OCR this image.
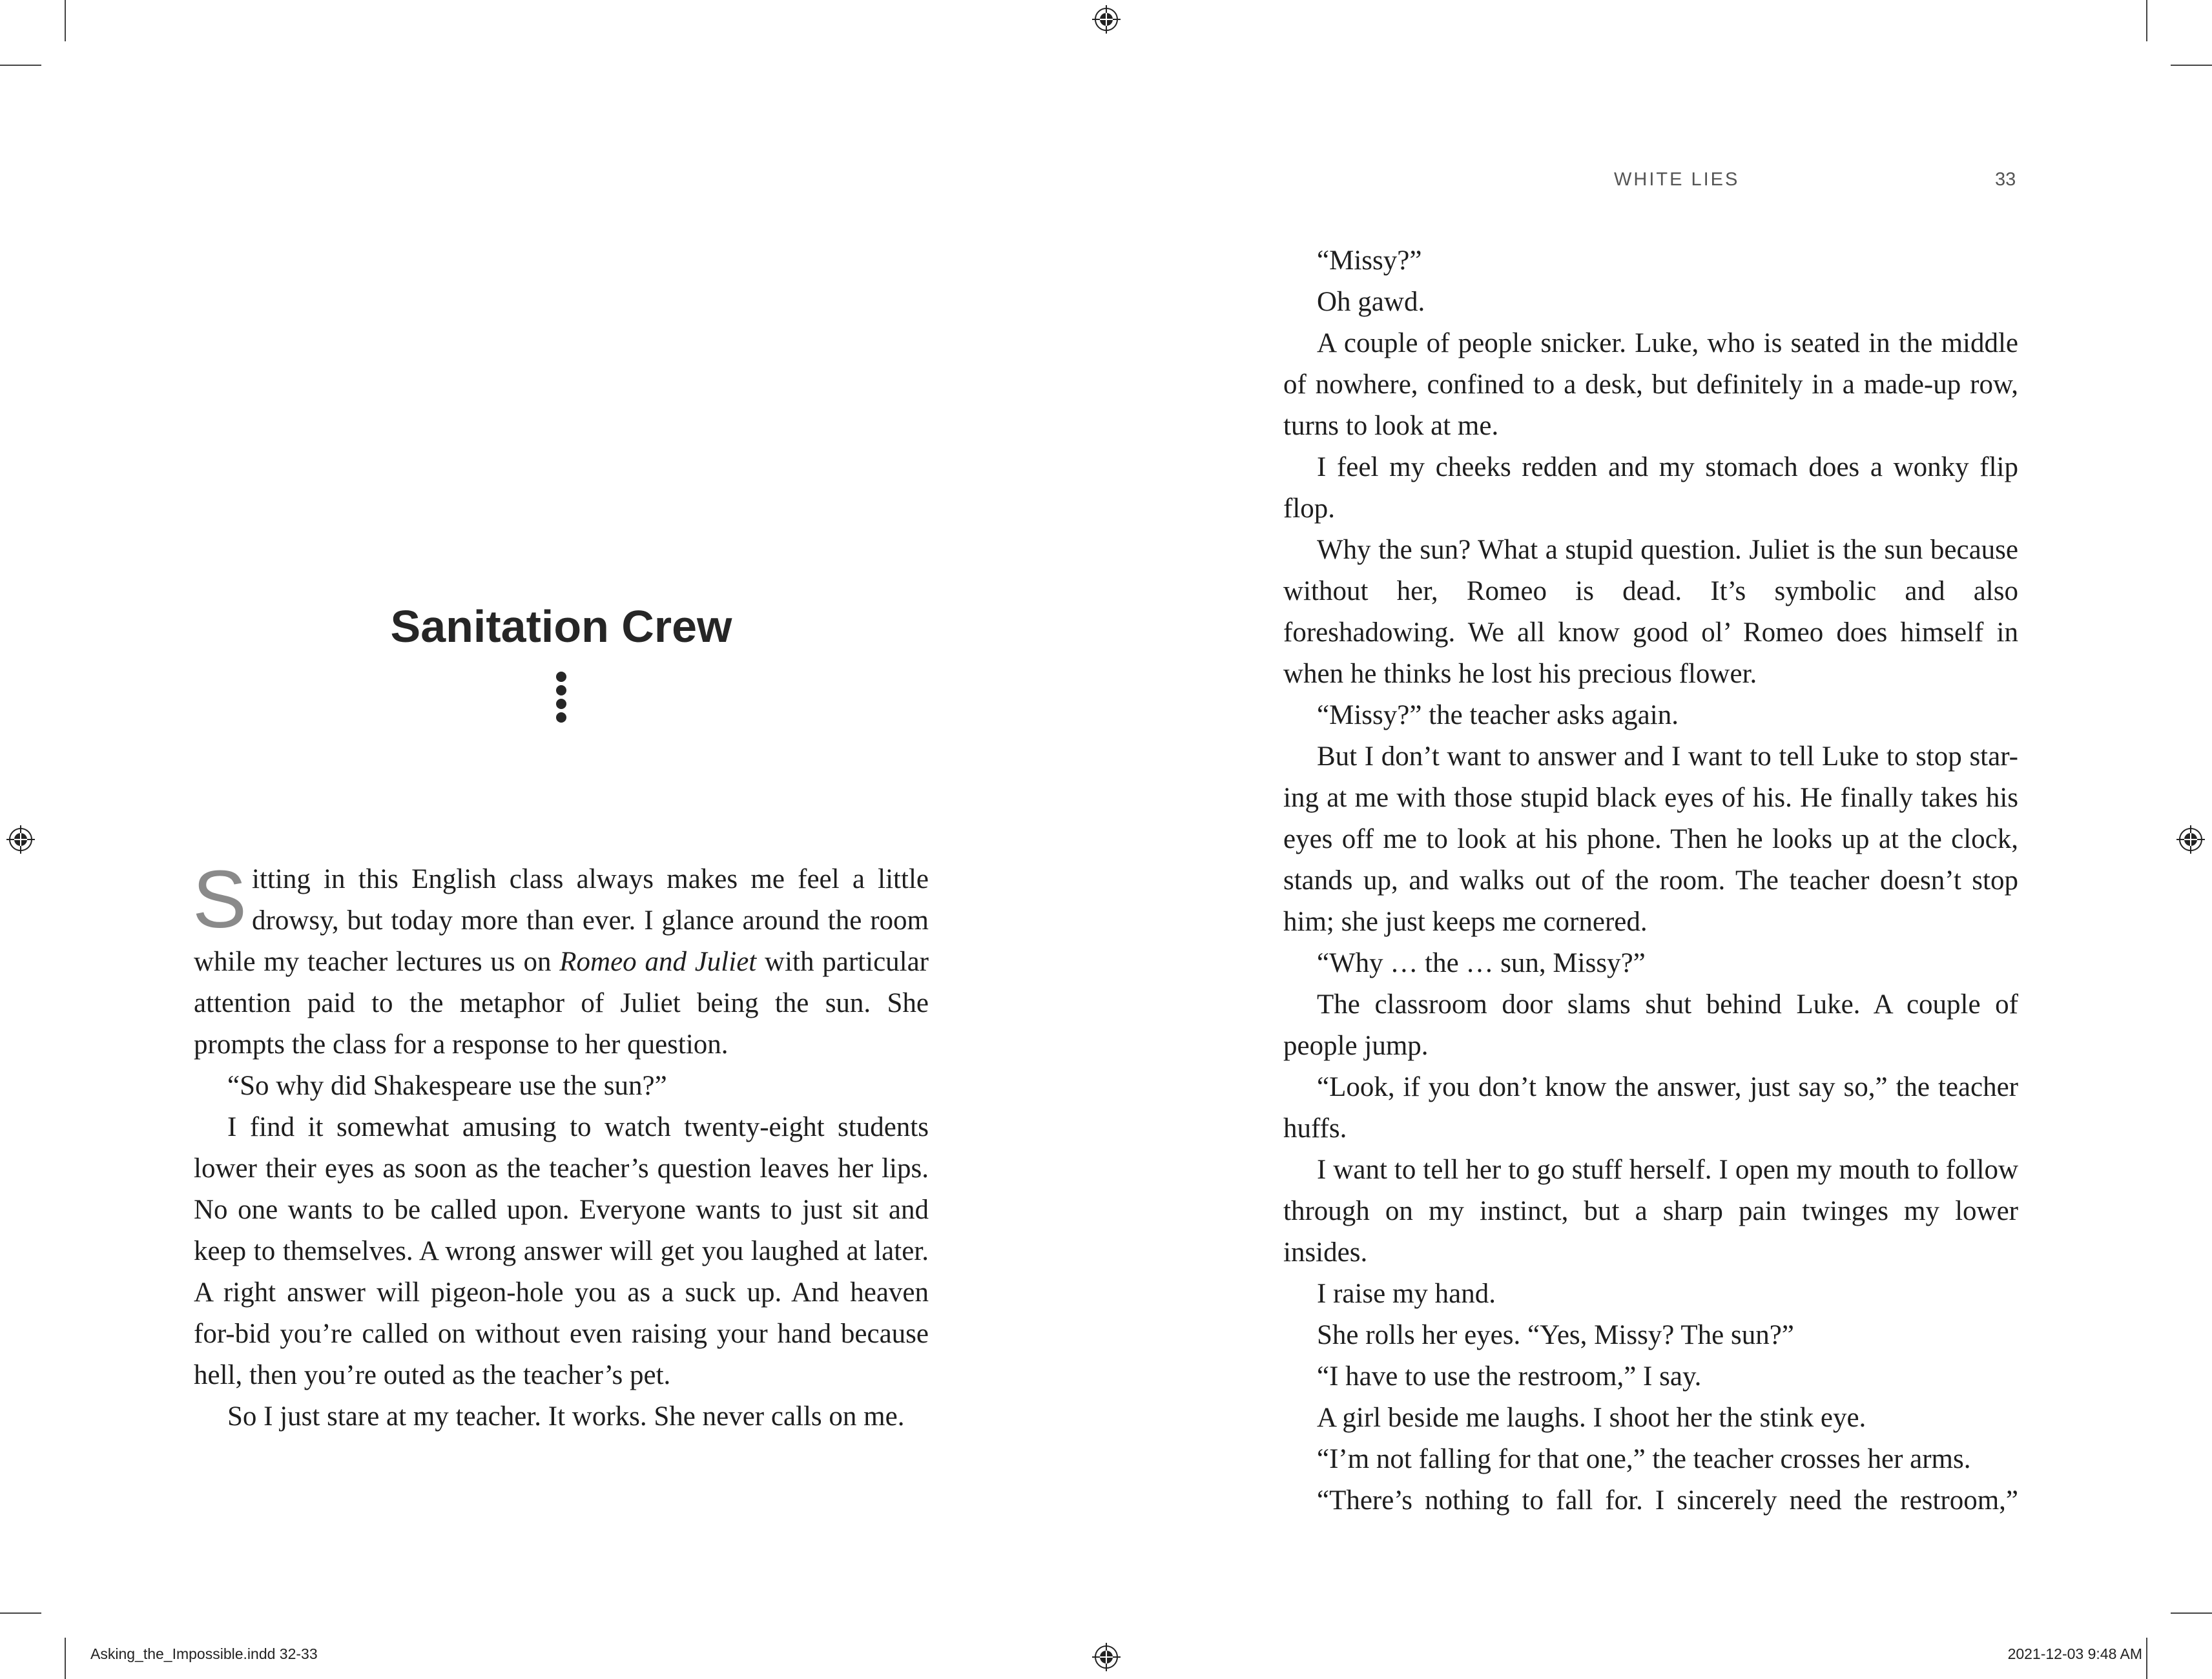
Sanitation Crew

Sitting in this English class always makes me feel a little drowsy, but today more than ever. I glance around the room while my teacher lectures us on Romeo and Juliet with particular attention paid to the metaphor of Juliet being the sun. She prompts the class for a response to her question.

“So why did Shakespeare use the sun?”

I find it somewhat amusing to watch twenty-eight students lower their eyes as soon as the teacher’s question leaves her lips. No one wants to be called upon. Everyone wants to just sit and keep to themselves. A wrong answer will get you laughed at later. A right answer will pigeon-hole you as a suck up. And heaven for-bid you’re called on without even raising your hand because hell, then you’re outed as the teacher’s pet.

So I just stare at my teacher. It works. She never calls on me.

WHITE LIES	33

“Missy?”

Oh gawd.

A couple of people snicker. Luke, who is seated in the middle of nowhere, confined to a desk, but definitely in a made-up row, turns to look at me.

I feel my cheeks redden and my stomach does a wonky flip flop.

Why the sun? What a stupid question. Juliet is the sun because without her, Romeo is dead. It’s symbolic and also foreshadowing. We all know good ol’ Romeo does himself in when he thinks he lost his precious flower.

“Missy?” the teacher asks again.

But I don’t want to answer and I want to tell Luke to stop star-ing at me with those stupid black eyes of his. He finally takes his eyes off me to look at his phone. Then he looks up at the clock, stands up, and walks out of the room. The teacher doesn’t stop him; she just keeps me cornered.

“Why … the … sun, Missy?”

The classroom door slams shut behind Luke. A couple of people jump.

“Look, if you don’t know the answer, just say so,” the teacher huffs.

I want to tell her to go stuff herself. I open my mouth to follow through on my instinct, but a sharp pain twinges my lower insides.

I raise my hand.

She rolls her eyes. “Yes, Missy? The sun?”

“I have to use the restroom,” I say.

A girl beside me laughs. I shoot her the stink eye.

“I’m not falling for that one,” the teacher crosses her arms.

“There’s nothing to fall for. I sincerely need the restroom,”

Asking_the_Impossible.indd 32-33	2021-12-03 9:48 AM
